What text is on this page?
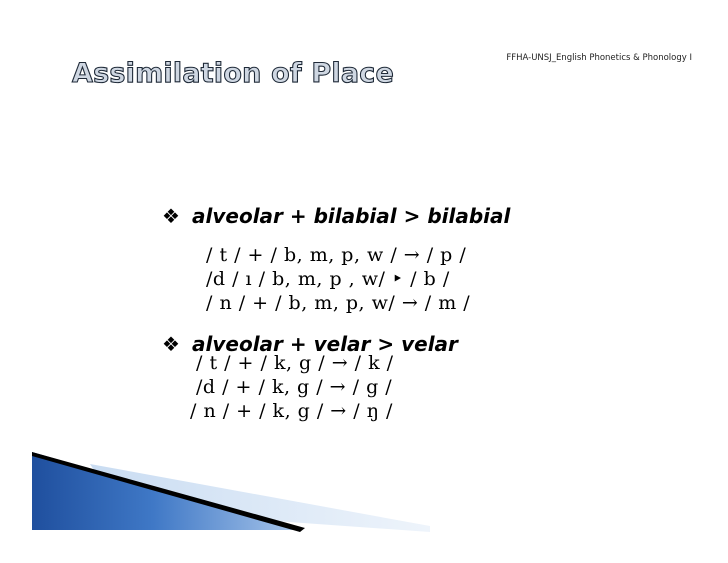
FFHA-UNSJ_English Phonetics & Phonology I
Assimilation of Place
❖ alveolar + bilabial > bilabial
/ t / + / b, m, p, w / → / p /
/d / ı / b, m, p , w/ ‣ / b /
/ n / + / b, m, p, w/ → / m /
❖ alveolar + velar > velar
/ t / + / k, g / → / k /
/d / + / k, g / → / g /
/ n / + / k, g / → / ŋ /
